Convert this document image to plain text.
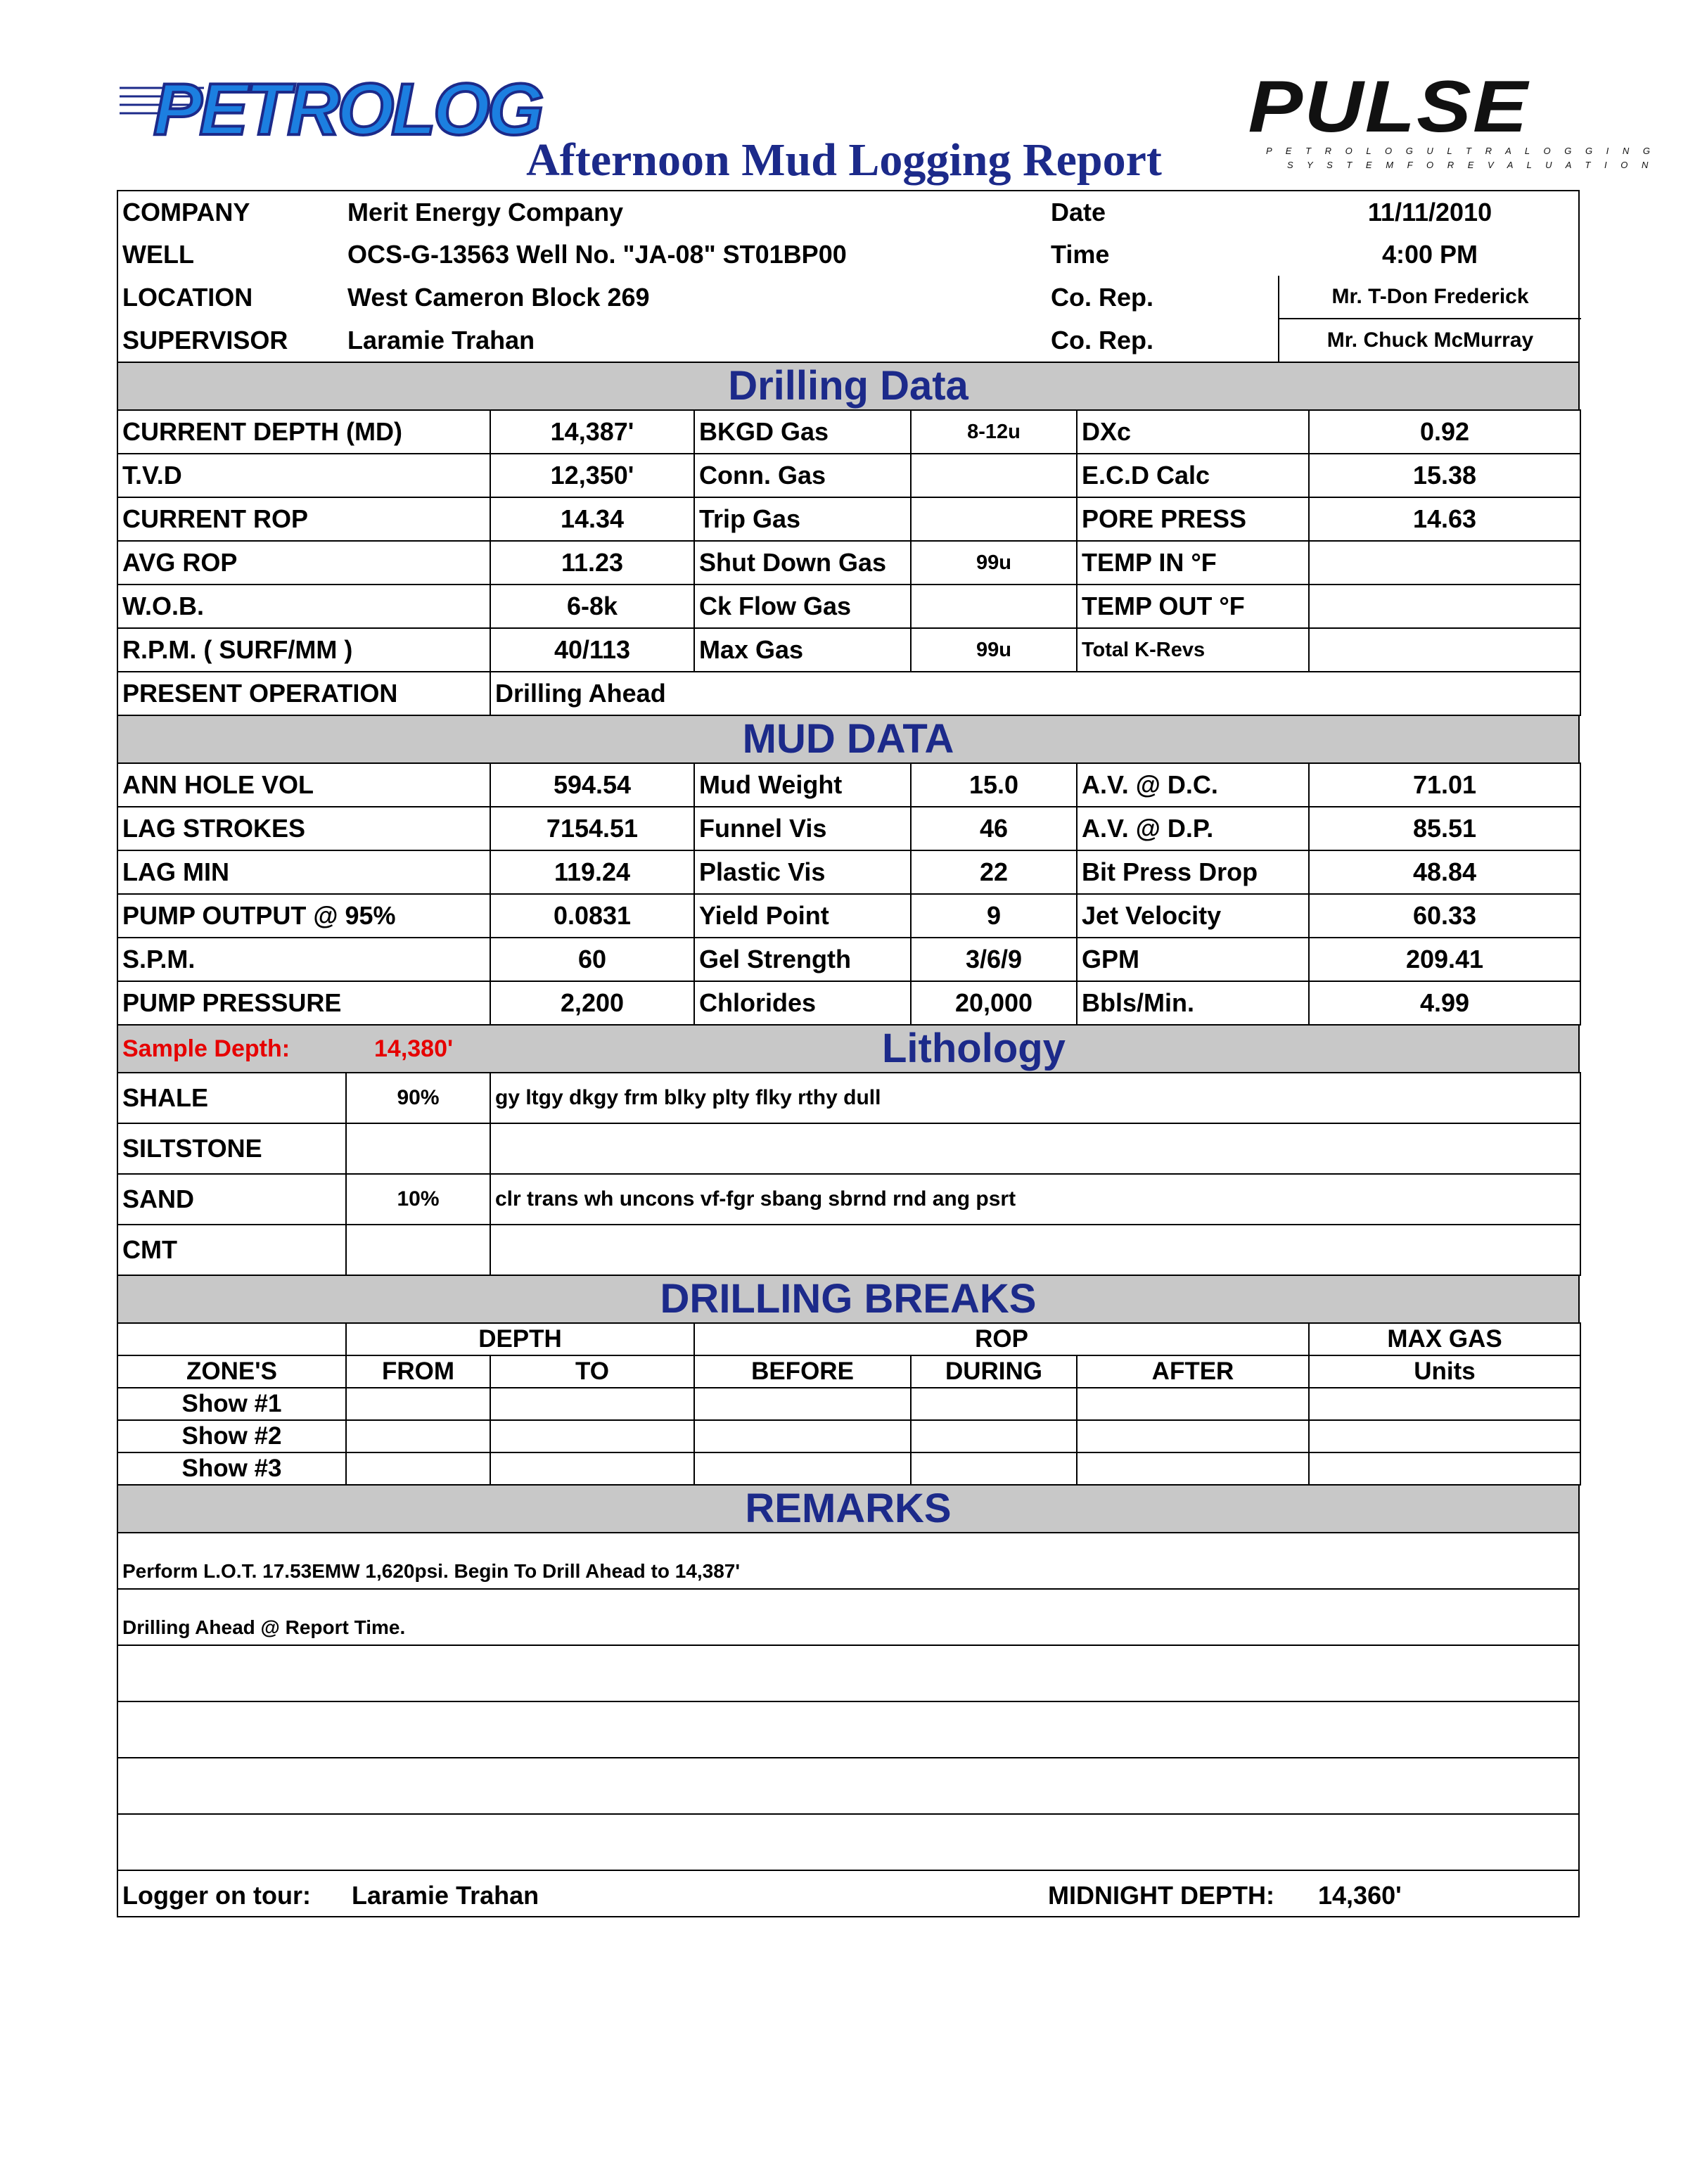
PETROLOG	PULSE
P E T R O L O G U L T R A L O G G I N G
S Y S T E M F O R E V A L U A T I O N
Afternoon Mud Logging Report
COMPANY	Merit Energy Company	Date	11/11/2010
WELL	OCS-G-13563 Well No. "JA-08" ST01BP00	Time	4:00 PM
LOCATION	West Cameron Block 269	Co. Rep.	Mr. T-Don Frederick
SUPERVISOR	Laramie Trahan	Co. Rep.	Mr. Chuck McMurray
Drilling Data
CURRENT DEPTH (MD)	14,387'	BKGD Gas	8-12u	DXc	0.92
T.V.D	12,350'	Conn. Gas		E.C.D Calc	15.38
CURRENT ROP	14.34	Trip Gas		PORE PRESS	14.63
AVG ROP	11.23	Shut Down Gas	99u	TEMP IN °F	
W.O.B.	6-8k	Ck Flow Gas		TEMP OUT °F	
R.P.M. ( SURF/MM )	40/113	Max Gas	99u	Total K-Revs	
PRESENT OPERATION	Drilling Ahead				
MUD DATA
ANN HOLE VOL	594.54	Mud Weight	15.0	A.V. @ D.C.	71.01
LAG STROKES	7154.51	Funnel Vis	46	A.V. @ D.P.	85.51
LAG MIN	119.24	Plastic Vis	22	Bit Press Drop	48.84
PUMP OUTPUT @ 95%	0.0831	Yield Point	9	Jet Velocity	60.33
S.P.M.	60	Gel Strength	3/6/9	GPM	209.41
PUMP PRESSURE	2,200	Chlorides	20,000	Bbls/Min.	4.99
Sample Depth:	14,380'	Lithology
SHALE	90%	gy ltgy dkgy frm blky plty flky rthy dull
SILTSTONE		
SAND	10%	clr trans wh uncons vf-fgr sbang sbrnd rnd ang psrt
CMT		
DRILLING BREAKS
	DEPTH		ROP			MAX GAS
ZONE'S	FROM	TO	BEFORE	DURING	AFTER	Units
Show #1						
Show #2						
Show #3						
REMARKS
Perform L.O.T. 17.53EMW 1,620psi. Begin To Drill Ahead to 14,387'
Drilling Ahead @ Report Time.

Logger on tour: Laramie Trahan	MIDNIGHT DEPTH: 14,360'
